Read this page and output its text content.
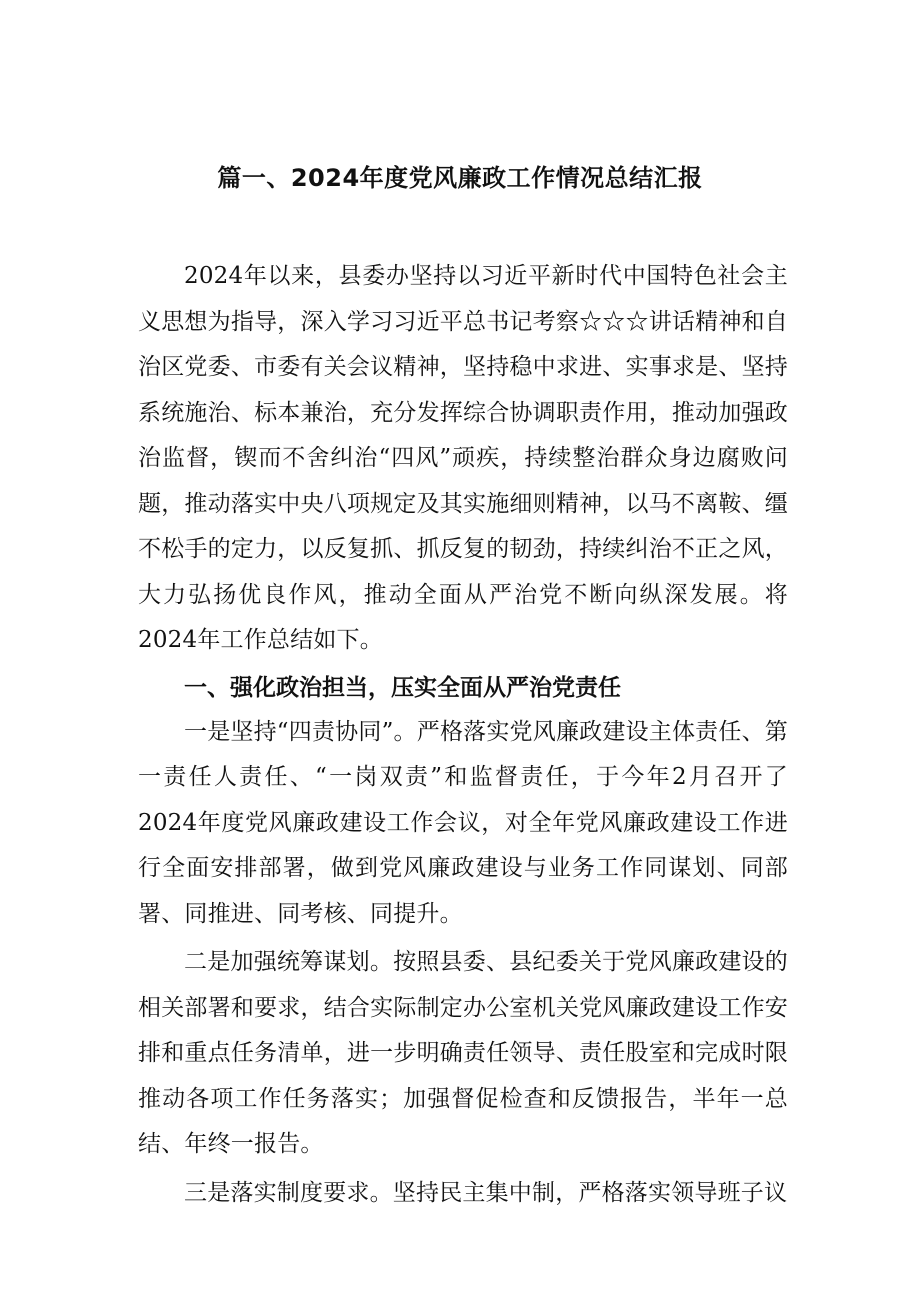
篇一、2024年度党风廉政工作情况总结汇报

2024年以来，县委办坚持以习近平新时代中国特色社会主义思想为指导，深入学习习近平总书记考察☆☆☆讲话精神和自治区党委、市委有关会议精神，坚持稳中求进、实事求是、坚持系统施治、标本兼治，充分发挥综合协调职责作用，推动加强政治监督，锲而不舍纠治“四风”顽疾，持续整治群众身边腐败问题，推动落实中央八项规定及其实施细则精神，以马不离鞍、缰不松手的定力，以反复抓、抓反复的韧劲，持续纠治不正之风，大力弘扬优良作风，推动全面从严治党不断向纵深发展。将2024年工作总结如下。

一、强化政治担当，压实全面从严治党责任

一是坚持“四责协同”。严格落实党风廉政建设主体责任、第一责任人责任、“一岗双责”和监督责任，于今年2月召开了2024年度党风廉政建设工作会议，对全年党风廉政建设工作进行全面安排部署，做到党风廉政建设与业务工作同谋划、同部署、同推进、同考核、同提升。

二是加强统筹谋划。按照县委、县纪委关于党风廉政建设的相关部署和要求，结合实际制定办公室机关党风廉政建设工作安排和重点任务清单，进一步明确责任领导、责任股室和完成时限推动各项工作任务落实；加强督促检查和反馈报告，半年一总结、年终一报告。

三是落实制度要求。坚持民主集中制，严格落实领导班子议
